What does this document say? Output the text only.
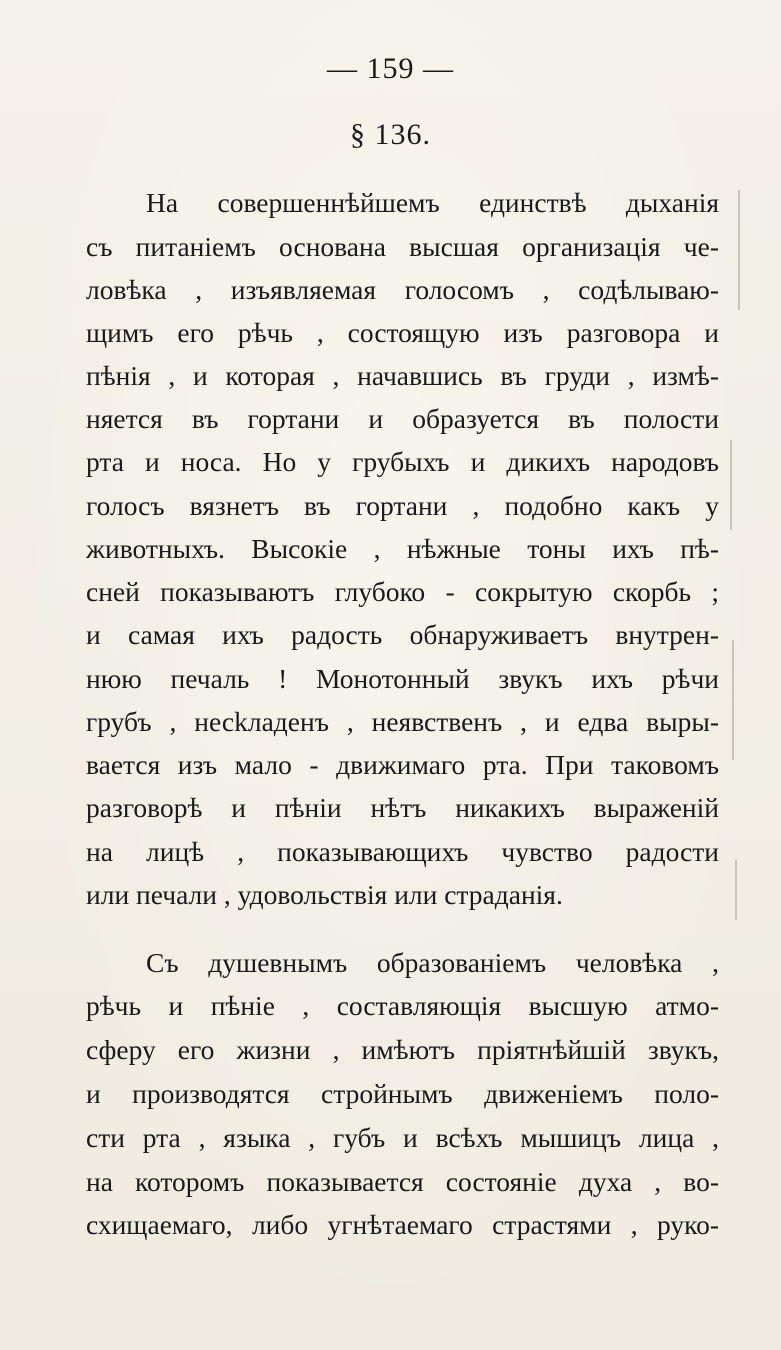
— 159 —
§ 136.
На совершеннѣйшемъ единствѣ дыханія
съ питаніемъ основана высшая организація че-
ловѣка , изъявляемая голосомъ , содѣлываю-
щимъ его рѣчь , состоящую изъ разговора и
пѣнія , и которая , начавшись въ груди , измѣ-
няется въ гортани и образуется въ полости
рта и носа. Но у грубыхъ и дикихъ народовъ
голосъ вязнетъ въ гортани , подобно какъ у
животныхъ. Высокіе , нѣжные тоны ихъ пѣ-
сней показываютъ глубоко - сокрытую скорбь ;
и самая ихъ радость обнаруживаетъ внутрен-
нюю печаль ! Монотонный звукъ ихъ рѣчи
грубъ , несkладенъ , неявственъ , и едва выры-
вается изъ мало - движимаго рта. При таковомъ
разговорѣ и пѣніи нѣтъ никакихъ выраженій
на лицѣ , показывающихъ чувство радости
или печали , удовольствія или страданія.
Съ душевнымъ образованіемъ человѣка ,
рѣчь и пѣніе , составляющія высшую атмо-
сферу его жизни , имѣютъ пріятнѣйшій звукъ,
и производятся стройнымъ движеніемъ поло-
сти рта , языка , губъ и всѣхъ мышицъ лица ,
на которомъ показывается состояніе духа , во-
схищаемаго, либо угнѣтаемаго страстями , руко-
